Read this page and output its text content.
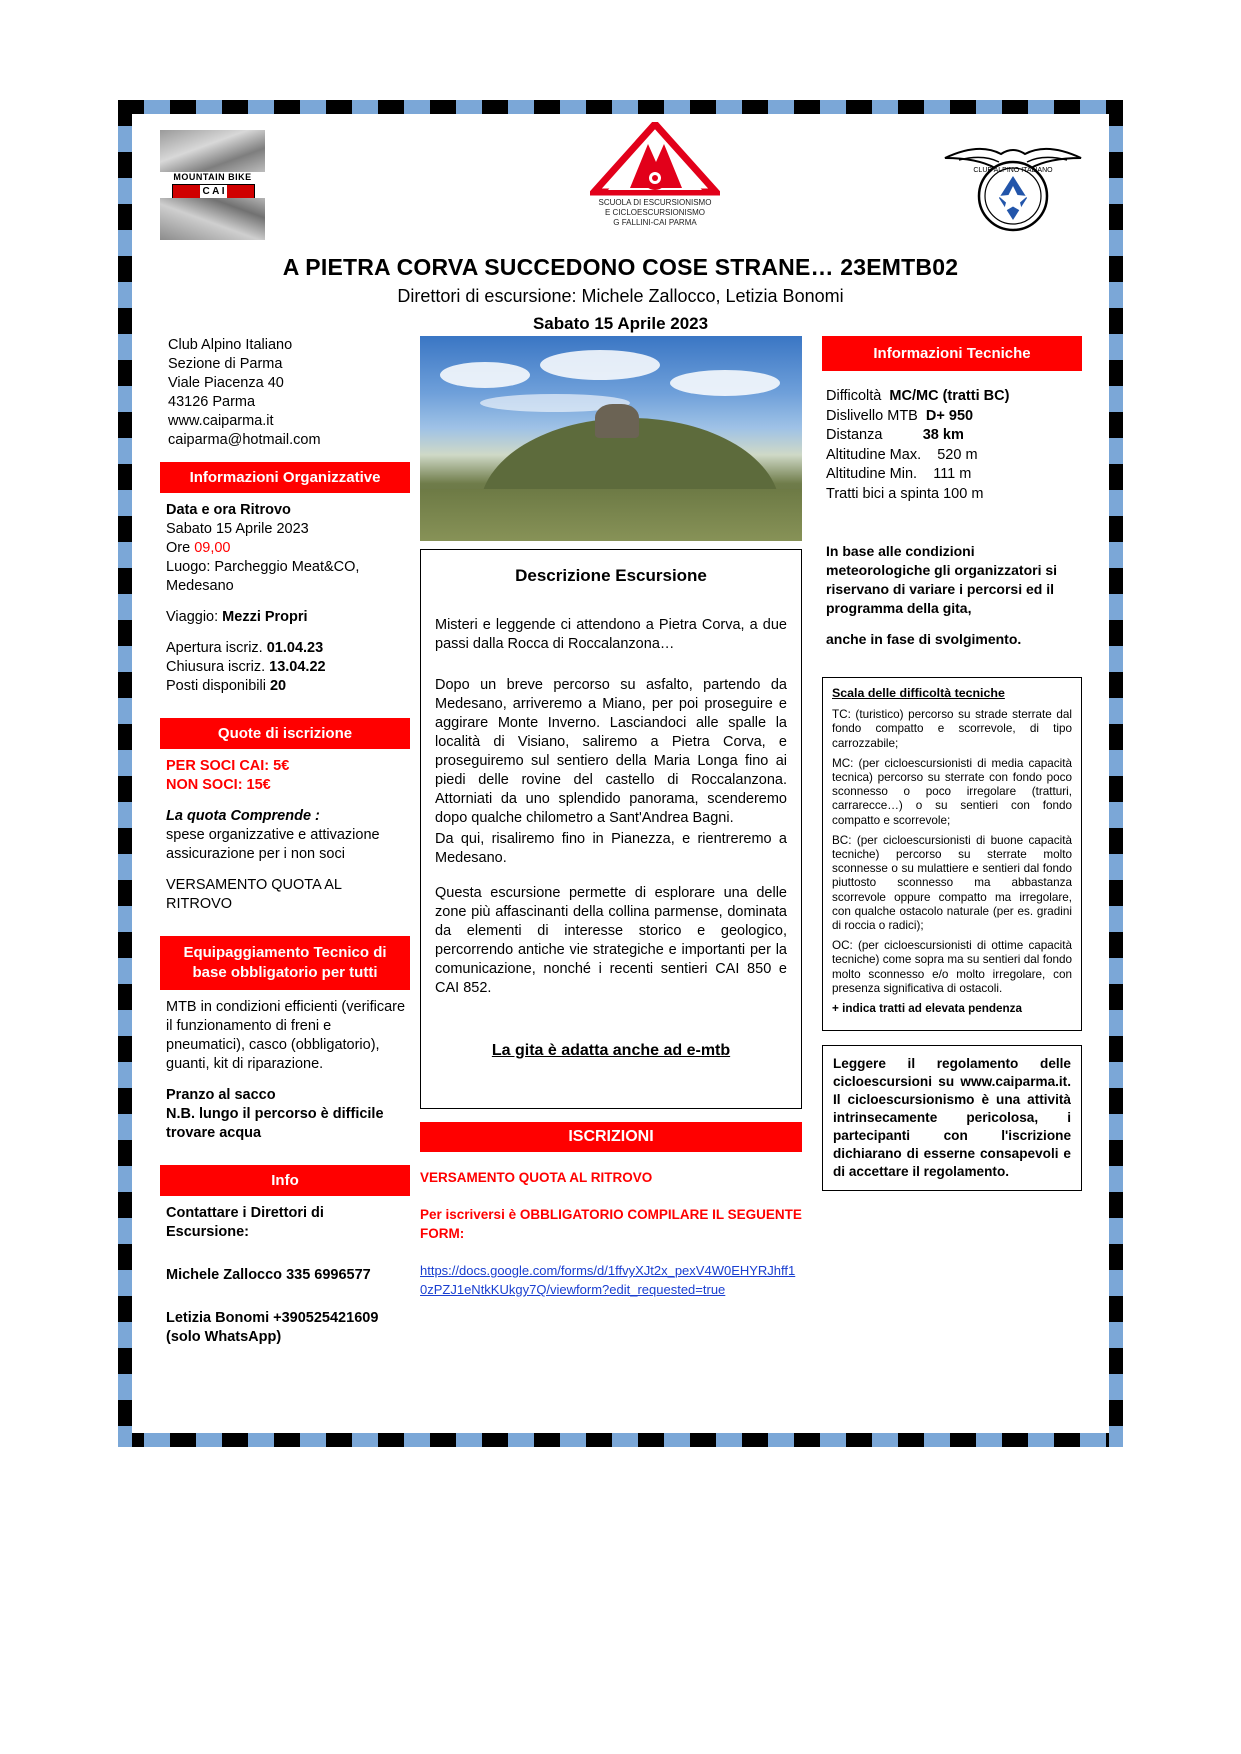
MOUNTAIN BIKE
C A I
SCUOLA DI ESCURSIONISMO
E CICLOESCURSIONISMO
G FALLINI-CAI PARMA
CLUB ALPINO ITALIANO
A PIETRA CORVA SUCCEDONO COSE STRANE… 23EMTB02
Direttori di escursione: Michele Zallocco, Letizia Bonomi
Sabato 15 Aprile 2023
Club Alpino Italiano
Sezione di Parma
Viale Piacenza 40
43126 Parma
www.caiparma.it
caiparma@hotmail.com
Informazioni Organizzative
Data e ora Ritrovo
Sabato 15 Aprile 2023
Ore 09,00
Luogo: Parcheggio Meat&CO,
Medesano
Viaggio: Mezzi Propri
Apertura iscriz. 01.04.23
Chiusura iscriz. 13.04.22
Posti disponibili 20
Quote di iscrizione
PER SOCI CAI: 5€
NON SOCI: 15€
La quota Comprende :
spese organizzative e attivazione assicurazione per i non soci
VERSAMENTO QUOTA AL RITROVO
Equipaggiamento Tecnico di
base obbligatorio per tutti
MTB in condizioni efficienti (verificare il funzionamento di freni e pneumatici), casco (obbligatorio), guanti, kit di riparazione.
Pranzo al sacco
N.B. lungo il percorso è difficile trovare acqua
Info
Contattare i Direttori di
Escursione:
Michele Zallocco 335 6996577
Letizia Bonomi +390525421609
(solo WhatsApp)
Descrizione Escursione

Misteri e leggende ci attendono a Pietra Corva, a due passi dalla Rocca di Roccalanzona…

Dopo un breve percorso su asfalto, partendo da Medesano, arriveremo a Miano, per poi proseguire e aggirare Monte Inverno. Lasciandoci alle spalle la località di Visiano, saliremo a Pietra Corva, e proseguiremo sul sentiero della Maria Longa fino ai piedi delle rovine del castello di Roccalanzona. Attorniati da uno splendido panorama, scenderemo dopo qualche chilometro a Sant'Andrea Bagni.

Da qui, risaliremo fino in Pianezza, e rientreremo a Medesano.

Questa escursione permette di esplorare una delle zone più affascinanti della collina parmense, dominata da elementi di interesse storico e geologico, percorrendo antiche vie strategiche e importanti per la comunicazione, nonché i recenti sentieri CAI 850 e CAI 852.

La gita è adatta anche ad e-mtb
ISCRIZIONI
VERSAMENTO QUOTA AL RITROVO
Per iscriversi è OBBLIGATORIO COMPILARE IL SEGUENTE
FORM:
https://docs.google.com/forms/d/1ffvyXJt2x_pexV4W0EHYRJhff10zPZJ1eNtkKUkgy7Q/viewform?edit_requested=true
Informazioni Tecniche
Difficoltà MC/MC (tratti BC)
Dislivello MTB D+ 950
Distanza	38 km
Altitudine Max. 520 m
Altitudine Min. 111 m
Tratti bici a spinta 100 m
In base alle condizioni meteorologiche gli organizzatori si riservano di variare i percorsi ed il programma della gita,
anche in fase di svolgimento.
Scala delle difficoltà tecniche

TC: (turistico) percorso su strade sterrate dal fondo compatto e scorrevole, di tipo carrozzabile;

MC: (per cicloescursionisti di media capacità tecnica) percorso su sterrate con fondo poco sconnesso o poco irregolare (tratturi, carrarecce…) o su sentieri con fondo compatto e scorrevole;

BC: (per cicloescursionisti di buone capacità tecniche) percorso su sterrate molto sconnesse o su mulattiere e sentieri dal fondo piuttosto sconnesso ma abbastanza scorrevole oppure compatto ma irregolare, con qualche ostacolo naturale (per es. gradini di roccia o radici);

OC: (per cicloescursionisti di ottime capacità tecniche) come sopra ma su sentieri dal fondo molto sconnesso e/o molto irregolare, con presenza significativa di ostacoli.

+ indica tratti ad elevata pendenza

Leggere il regolamento delle cicloescursioni su www.caiparma.it. Il cicloescursionismo è una attività intrinsecamente pericolosa, i partecipanti con l'iscrizione dichiarano di esserne consapevoli e di accettare il regolamento.
